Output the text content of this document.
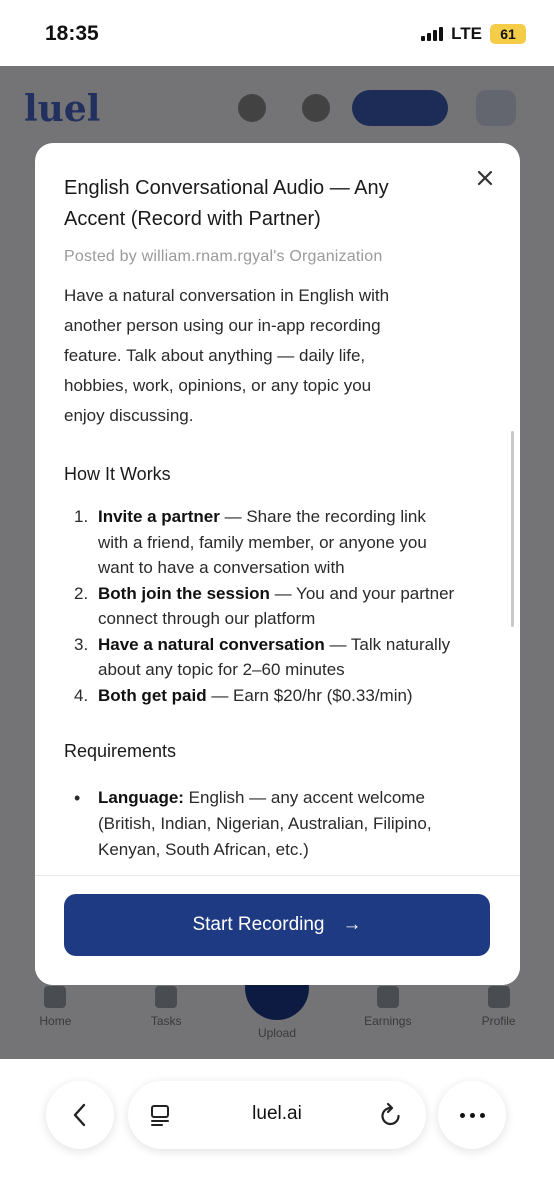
18:35	LTE	61
English Conversational Audio — Any Accent (Record with Partner)
Posted by william.rnam.rgyal's Organization

Have a natural conversation in English with another person using our in-app recording feature. Talk about anything — daily life, hobbies, work, opinions, or any topic you enjoy discussing.

How It Works
1. Invite a partner — Share the recording link with a friend, family member, or anyone you want to have a conversation with
2. Both join the session — You and your partner connect through our platform
3. Have a natural conversation — Talk naturally about any topic for 2–60 minutes
4. Both get paid — Earn $20/hr ($0.33/min)
Requirements
•	Language: English — any accent welcome (British, Indian, Nigerian, Australian, Filipino, Kenyan, South African, etc.)
Start Recording →
luel.ai
